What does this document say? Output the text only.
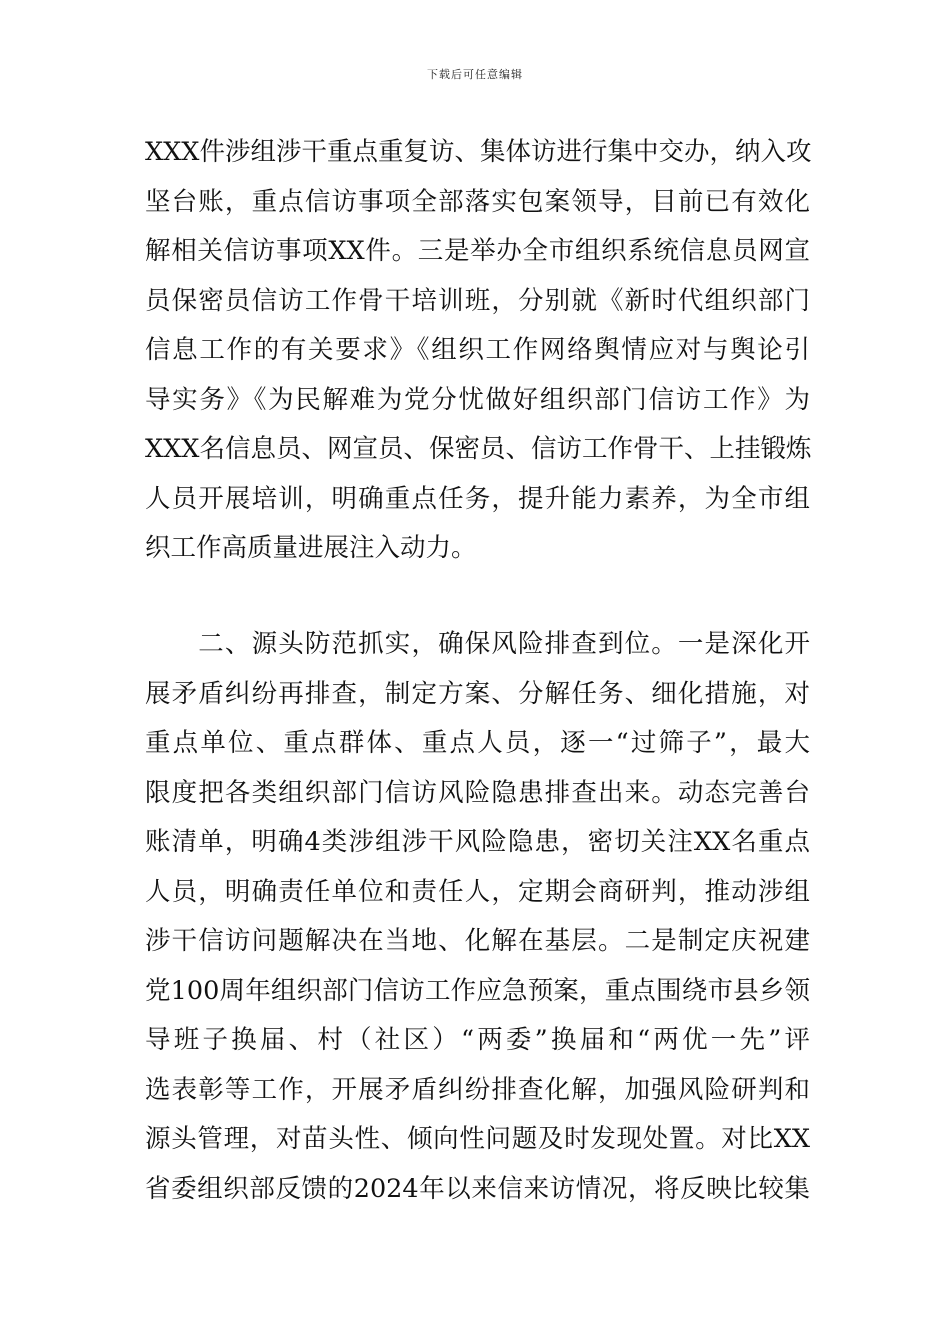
下载后可任意编辑
XXX件涉组涉干重点重复访、集体访进行集中交办，纳入攻
坚台账，重点信访事项全部落实包案领导，目前已有效化
解相关信访事项XX件。三是举办全市组织系统信息员网宣
员保密员信访工作骨干培训班，分别就《新时代组织部门
信息工作的有关要求》《组织工作网络舆情应对与舆论引
导实务》《为民解难为党分忧做好组织部门信访工作》为
XXX名信息员、网宣员、保密员、信访工作骨干、上挂锻炼
人员开展培训，明确重点任务，提升能力素养，为全市组
织工作高质量进展注入动力。
　　二、源头防范抓实，确保风险排查到位。一是深化开
展矛盾纠纷再排查，制定方案、分解任务、细化措施，对
重点单位、重点群体、重点人员，逐一“过筛子”，最大
限度把各类组织部门信访风险隐患排查出来。动态完善台
账清单，明确4类涉组涉干风险隐患，密切关注XX名重点
人员，明确责任单位和责任人，定期会商研判，推动涉组
涉干信访问题解决在当地、化解在基层。二是制定庆祝建
党100周年组织部门信访工作应急预案，重点围绕市县乡领
导班子换届、村（社区）“两委”换届和“两优一先”评
选表彰等工作，开展矛盾纠纷排查化解，加强风险研判和
源头管理，对苗头性、倾向性问题及时发现处置。对比XX
省委组织部反馈的2024年以来信来访情况，将反映比较集
